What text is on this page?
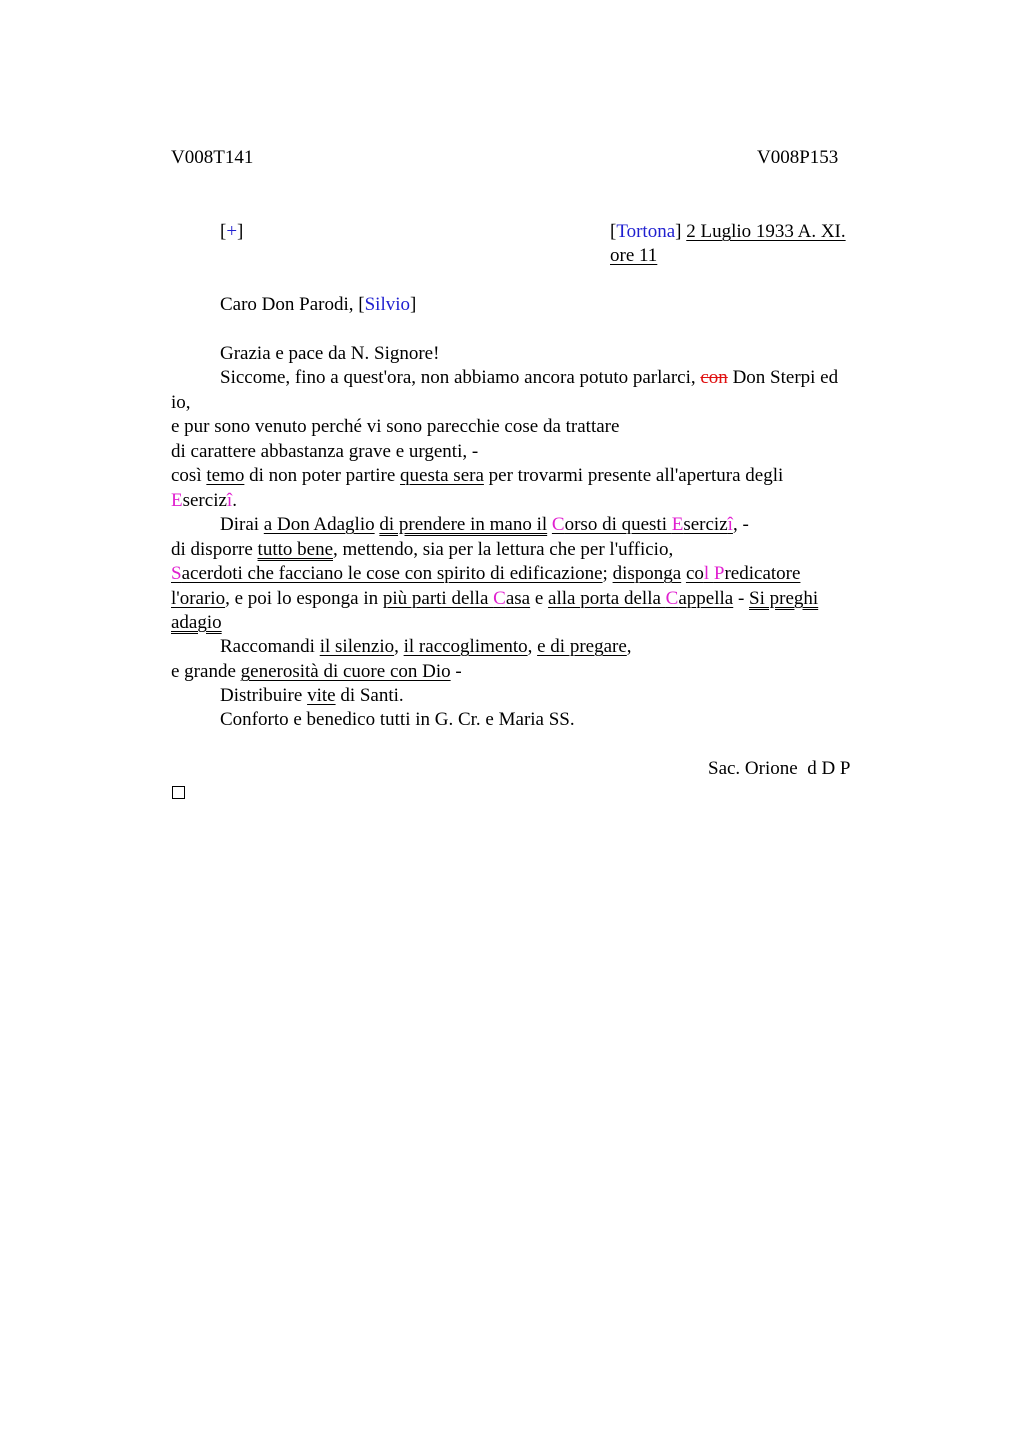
V008T141	V008P153
[+]	[Tortona] 2 Luglio 1933 A. XI.
ore 11
Caro Don Parodi, [Silvio]
Grazia e pace da N. Signore!
Siccome, fino a quest'ora, non abbiamo ancora potuto parlarci, con Don Sterpi ed
io,
e pur sono venuto perché vi sono parecchie cose da trattare
di carattere abbastanza grave e urgenti, -
così temo di non poter partire questa sera per trovarmi presente all'apertura degli
Esercizî.
Dirai a Don Adaglio di prendere in mano il Corso di questi Esercizî, -
di disporre tutto bene, mettendo, sia per la lettura che per l'ufficio,
Sacerdoti che facciano le cose con spirito di edificazione; disponga col Predicatore
l'orario, e poi lo esponga in più parti della Casa e alla porta della Cappella - Si preghi
adagio
Raccomandi il silenzio, il raccoglimento, e di pregare,
e grande generosità di cuore con Dio -
Distribuire vite di Santi.
Conforto e benedico tutti in G. Cr. e Maria SS.
Sac. Orione  d D P
